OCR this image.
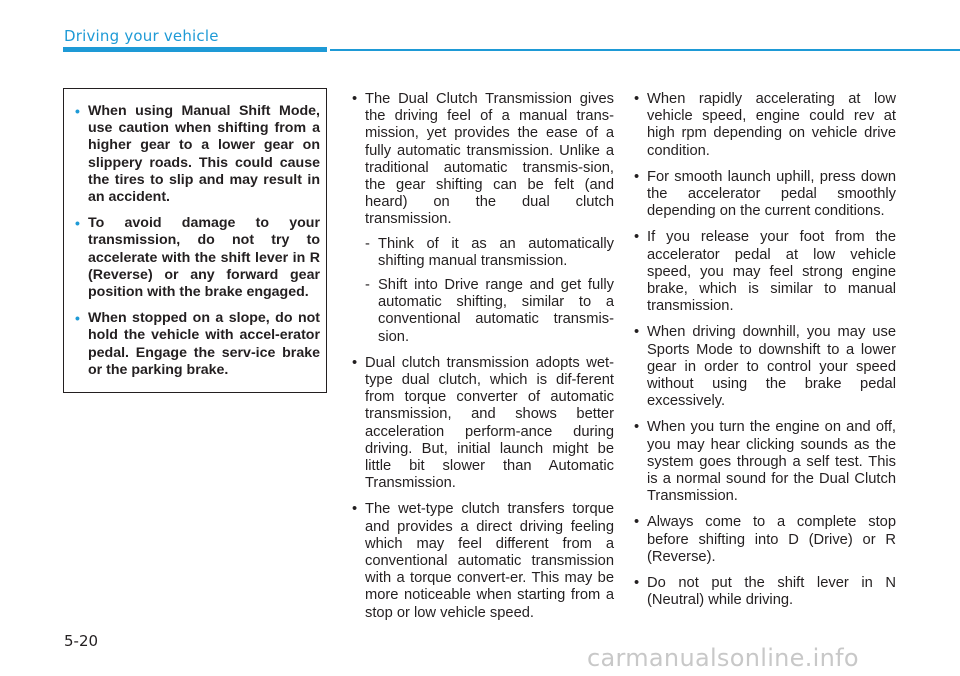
Driving your vehicle
• When using Manual Shift Mode, use caution when shifting from a higher gear to a lower gear on slippery roads. This could cause the tires to slip and may result in an accident.
• To avoid damage to your transmission, do not try to accelerate with the shift lever in R (Reverse) or any forward gear position with the brake engaged.
• When stopped on a slope, do not hold the vehicle with accel-erator pedal. Engage the serv-ice brake or the parking brake.
• The Dual Clutch Transmission gives the driving feel of a manual trans-mission, yet provides the ease of a fully automatic transmission. Unlike a traditional automatic transmis-sion, the gear shifting can be felt (and heard) on the dual clutch transmission.
- Think of it as an automatically shifting manual transmission.
- Shift into Drive range and get fully automatic shifting, similar to a conventional automatic transmis-sion.
• Dual clutch transmission adopts wet-type dual clutch, which is dif-ferent from torque converter of automatic transmission, and shows better acceleration perform-ance during driving. But, initial launch might be little bit slower than Automatic Transmission.
• The wet-type clutch transfers torque and provides a direct driving feeling which may feel different from a conventional automatic transmission with a torque convert-er. This may be more noticeable when starting from a stop or low vehicle speed.
• When rapidly accelerating at low vehicle speed, engine could rev at high rpm depending on vehicle drive condition.
• For smooth launch uphill, press down the accelerator pedal smoothly depending on the current conditions.
• If you release your foot from the accelerator pedal at low vehicle speed, you may feel strong engine brake, which is similar to manual transmission.
• When driving downhill, you may use Sports Mode to downshift to a lower gear in order to control your speed without using the brake pedal excessively.
• When you turn the engine on and off, you may hear clicking sounds as the system goes through a self test. This is a normal sound for the Dual Clutch Transmission.
• Always come to a complete stop before shifting into D (Drive) or R (Reverse).
• Do not put the shift lever in N (Neutral) while driving.
5-20
carmanualsonline.info
